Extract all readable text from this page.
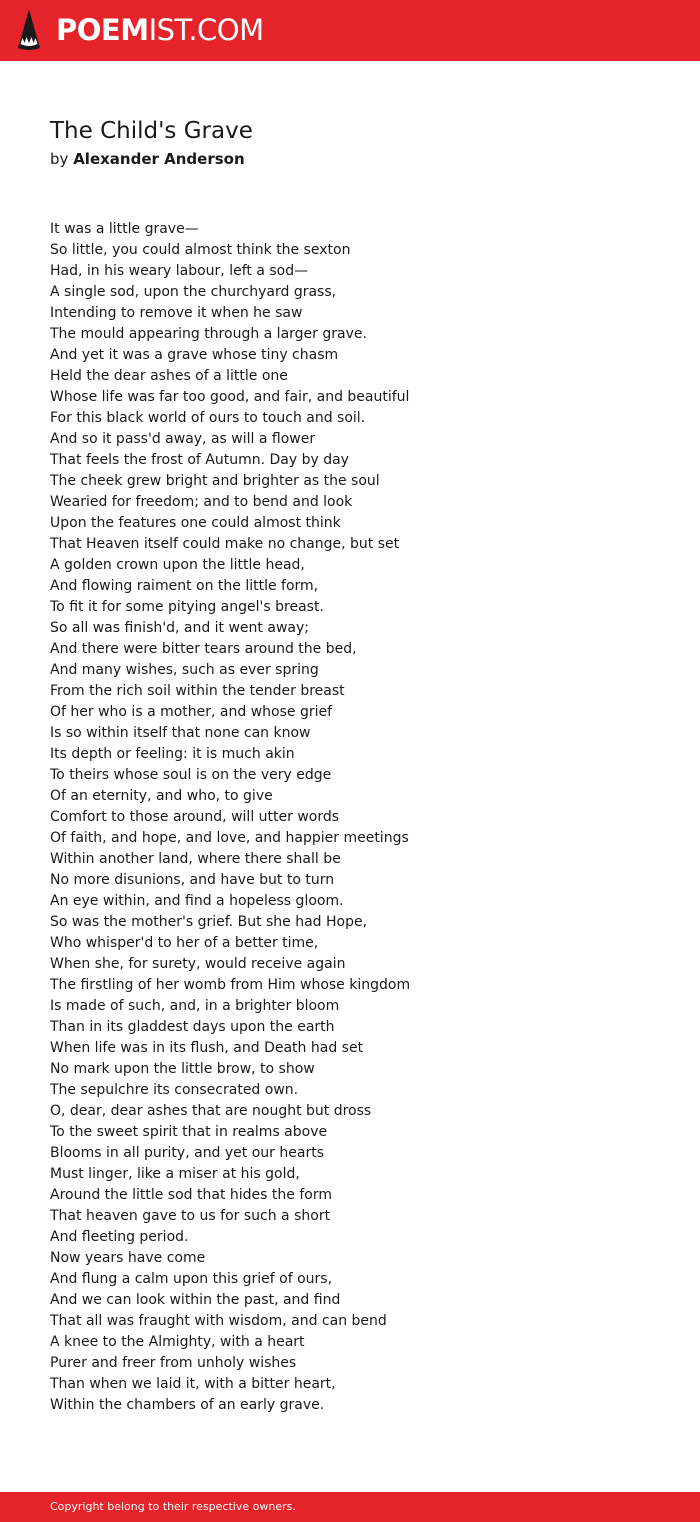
POEMIST.COM
The Child's Grave
by Alexander Anderson
It was a little grave—
So little, you could almost think the sexton
Had, in his weary labour, left a sod—
A single sod, upon the churchyard grass,
Intending to remove it when he saw
The mould appearing through a larger grave.
And yet it was a grave whose tiny chasm
Held the dear ashes of a little one
Whose life was far too good, and fair, and beautiful
For this black world of ours to touch and soil.
And so it pass'd away, as will a flower
That feels the frost of Autumn. Day by day
The cheek grew bright and brighter as the soul
Wearied for freedom; and to bend and look
Upon the features one could almost think
That Heaven itself could make no change, but set
A golden crown upon the little head,
And flowing raiment on the little form,
To fit it for some pitying angel's breast.
So all was finish'd, and it went away;
And there were bitter tears around the bed,
And many wishes, such as ever spring
From the rich soil within the tender breast
Of her who is a mother, and whose grief
Is so within itself that none can know
Its depth or feeling: it is much akin
To theirs whose soul is on the very edge
Of an eternity, and who, to give
Comfort to those around, will utter words
Of faith, and hope, and love, and happier meetings
Within another land, where there shall be
No more disunions, and have but to turn
An eye within, and find a hopeless gloom.
So was the mother's grief. But she had Hope,
Who whisper'd to her of a better time,
When she, for surety, would receive again
The firstling of her womb from Him whose kingdom
Is made of such, and, in a brighter bloom
Than in its gladdest days upon the earth
When life was in its flush, and Death had set
No mark upon the little brow, to show
The sepulchre its consecrated own.
O, dear, dear ashes that are nought but dross
To the sweet spirit that in realms above
Blooms in all purity, and yet our hearts
Must linger, like a miser at his gold,
Around the little sod that hides the form
That heaven gave to us for such a short
And fleeting period.
Now years have come
And flung a calm upon this grief of ours,
And we can look within the past, and find
That all was fraught with wisdom, and can bend
A knee to the Almighty, with a heart
Purer and freer from unholy wishes
Than when we laid it, with a bitter heart,
Within the chambers of an early grave.
Copyright belong to their respective owners.
